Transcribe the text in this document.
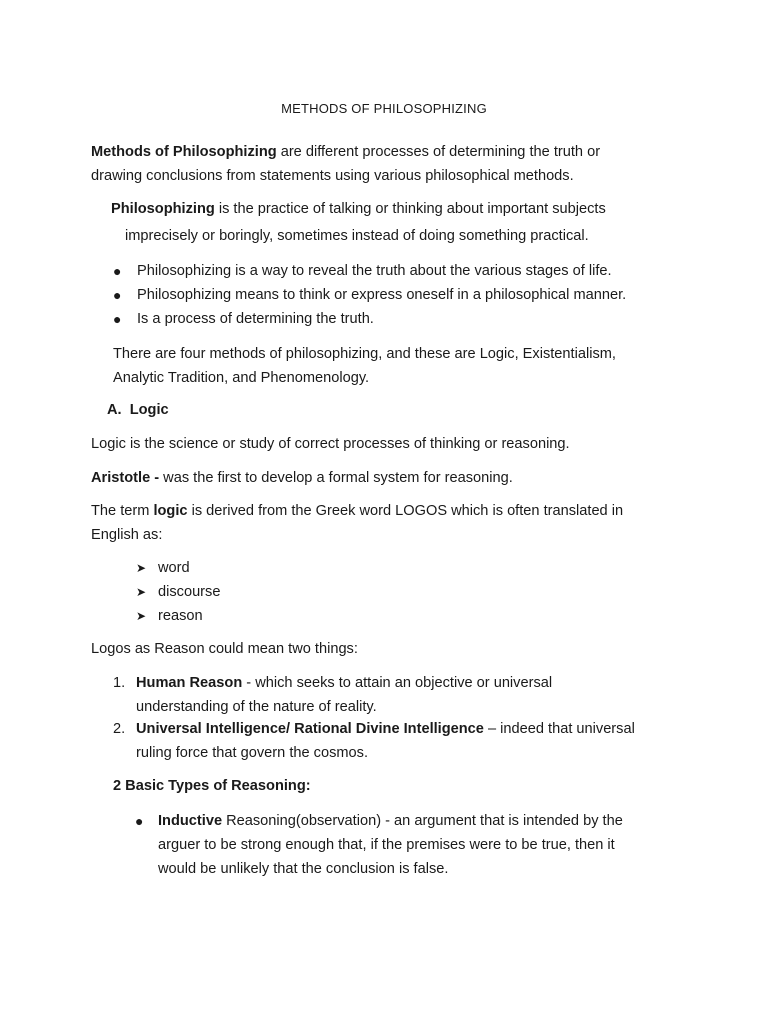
METHODS OF PHILOSOPHIZING

Methods of Philosophizing are different processes of determining the truth or

drawing conclusions from statements using various philosophical methods.

Philosophizing is the practice of talking or thinking about important subjects

imprecisely or boringly, sometimes instead of doing something practical.

● Philosophizing is a way to reveal the truth about the various stages of life.

● Philosophizing means to think or express oneself in a philosophical manner.

● Is a process of determining the truth.

There are four methods of philosophizing, and these are Logic, Existentialism,

Analytic Tradition, and Phenomenology.

A. Logic

Logic is the science or study of correct processes of thinking or reasoning.

Aristotle - was the first to develop a formal system for reasoning.

The term logic is derived from the Greek word LOGOS which is often translated in

English as:

➤ word

➤ discourse

➤ reason

Logos as Reason could mean two things:

1. Human Reason - which seeks to attain an objective or universal

understanding of the nature of reality.

2. Universal Intelligence/ Rational Divine Intelligence – indeed that universal

ruling force that govern the cosmos.

2 Basic Types of Reasoning:

● Inductive Reasoning(observation) - an argument that is intended by the

arguer to be strong enough that, if the premises were to be true, then it

would be unlikely that the conclusion is false.
